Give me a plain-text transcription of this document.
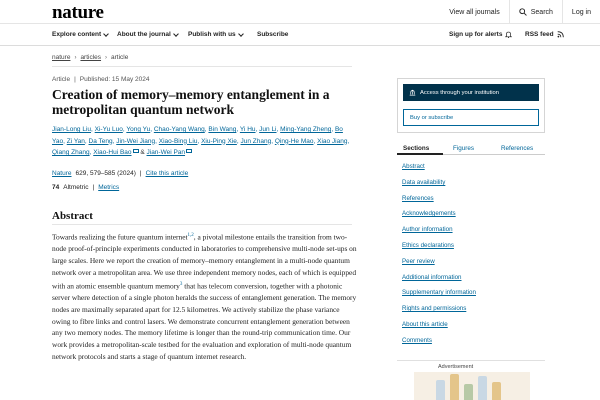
nature	View all journals	Search	Log in
Explore content About the journal	Publish with us	Subscribe	Sign up for alerts	RSS feed
nature › articles › article
Article | Published: 15 May 2024
Creation of memory–memory entanglement in a metropolitan quantum network
Jian-Long Liu, Xi-Yu Luo, Yong Yu, Chao-Yang Wang, Bin Wang, Yi Hu, Jun Li, Ming-Yang Zheng, Bo Yao, Zi Yan, Da Teng, Jin-Wei Jiang, Xiao-Bing Liu, Xiu-Ping Xie, Jun Zhang, Qing-He Mao, Xiao Jiang, Qiang Zhang, Xiao-Hui Bao & Jian-Wei Pan
Nature 629, 579–585 (2024) | Cite this article
74 Altmetric | Metrics
Abstract

Towards realizing the future quantum internet$^{1,2}$, a pivotal milestone entails the transition from two-node proof-of-principle experiments conducted in laboratories to comprehensive multi-node set-ups on large scales. Here we report the creation of memory–memory entanglement in a multi-node quantum network over a metropolitan area. We use three independent memory nodes, each of which is equipped with an atomic ensemble quantum memory$^3$ that has telecom conversion, together with a photonic server where detection of a single photon heralds the success of entanglement generation. The memory nodes are maximally separated apart for 12.5 kilometres. We actively stabilize the phase variance owing to fibre links and control lasers. We demonstrate concurrent entanglement generation between any two memory nodes. The memory lifetime is longer than the round-trip communication time. Our work provides a metropolitan-scale testbed for the evaluation and exploration of multi-node quantum network protocols and starts a stage of quantum internet research.

Access through your institution
Buy or subscribe
Sections	Figures	References
Abstract
Data availability
References
Acknowledgements
Author information
Ethics declarations
Peer review
Additional information
Supplementary information
Rights and permissions
About this article
Comments
Advertisement
